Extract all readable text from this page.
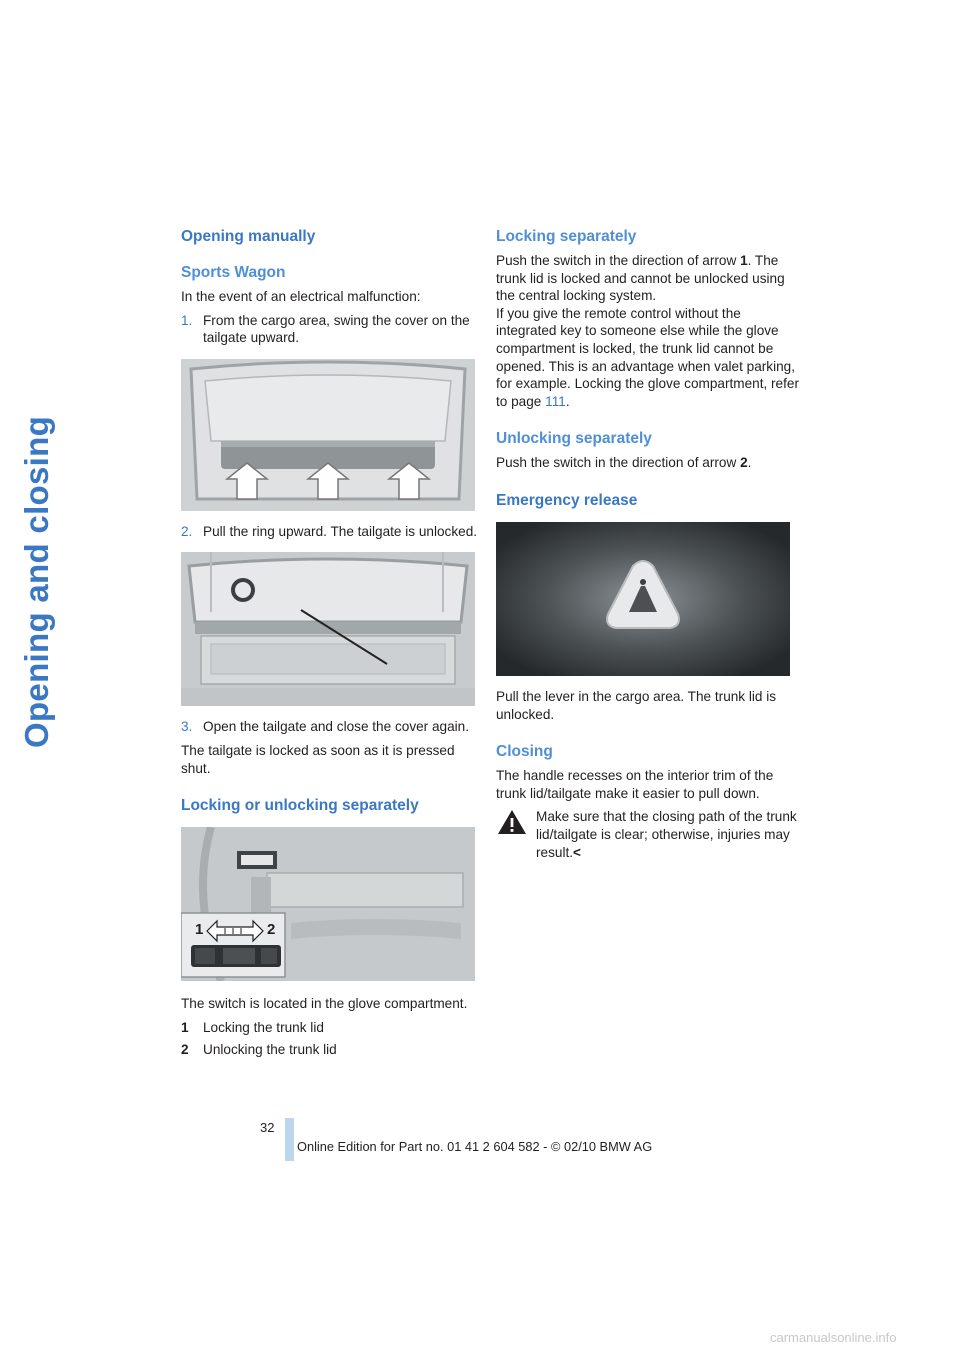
Opening and closing
Opening manually
Sports Wagon

In the event of an electrical malfunction:

1. From the cargo area, swing the cover on the tailgate upward.
2. Pull the ring upward. The tailgate is unlocked.
3. Open the tailgate and close the cover again.

The tailgate is locked as soon as it is pressed shut.

Locking or unlocking separately
1	2

The switch is located in the glove compartment.

1	Locking the trunk lid
2	Unlocking the trunk lid
Locking separately

Push the switch in the direction of arrow 1. The trunk lid is locked and cannot be unlocked using the central locking system.

If you give the remote control without the integrated key to someone else while the glove compartment is locked, the trunk lid cannot be opened. This is an advantage when valet parking, for example. Locking the glove compartment, refer to page 111.

Unlocking separately

Push the switch in the direction of arrow 2.

Emergency release

Pull the lever in the cargo area. The trunk lid is unlocked.

Closing

The handle recesses on the interior trim of the trunk lid/tailgate make it easier to pull down.

Make sure that the closing path of the trunk lid/tailgate is clear; otherwise, injuries may result.<

32
Online Edition for Part no. 01 41 2 604 582 - © 02/10 BMW AG
carmanualsonline.info
